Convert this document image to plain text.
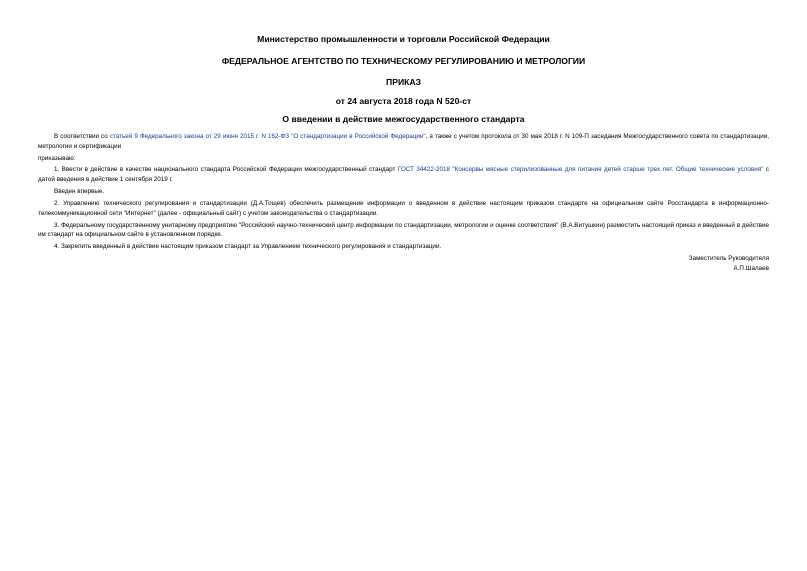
Министерство промышленности и торговли Российской Федерации

ФЕДЕРАЛЬНОЕ АГЕНТСТВО ПО ТЕХНИЧЕСКОМУ РЕГУЛИРОВАНИЮ И МЕТРОЛОГИИ

ПРИКАЗ

от 24 августа 2018 года N 520-ст

О введении в действие межгосударственного стандарта

В соответствии со статьей 9 Федерального закона от 29 июня 2015 г. N 162-ФЗ "О стандартизации в Российской Федерации", а также с учетом протокола от 30 мая 2018 г. N 109-П заседания Межгосударственного совета по стандартизации, метрологии и сертификации

приказываю:

1. Ввести в действие в качестве национального стандарта Российской Федерации межгосударственный стандарт ГОСТ 34422-2018 "Консервы мясные стерилизованные для питания детей старше трех лет. Общие технические условия" с датой введения в действие 1 сентября 2019 г.

Введен впервые.

2. Управлению технического регулирования и стандартизации (Д.А.Тощев) обеспечить размещение информации о введенном в действие настоящим приказом стандарте на официальном сайте Росстандарта в информационно-телекоммуникационной сети "Интернет" (далее - официальный сайт) с учетом законодательства о стандартизации.

3. Федеральному государственному унитарному предприятию "Российский научно-технический центр информации по стандартизации, метрологии и оценке соответствия" (В.А.Витушкин) разместить настоящий приказ и введенный в действие им стандарт на официальном сайте в установленном порядке.

4. Закрепить введенный в действие настоящим приказом стандарт за Управлением технического регулирования и стандартизации.

Заместитель Руководителя

А.П.Шалаев
